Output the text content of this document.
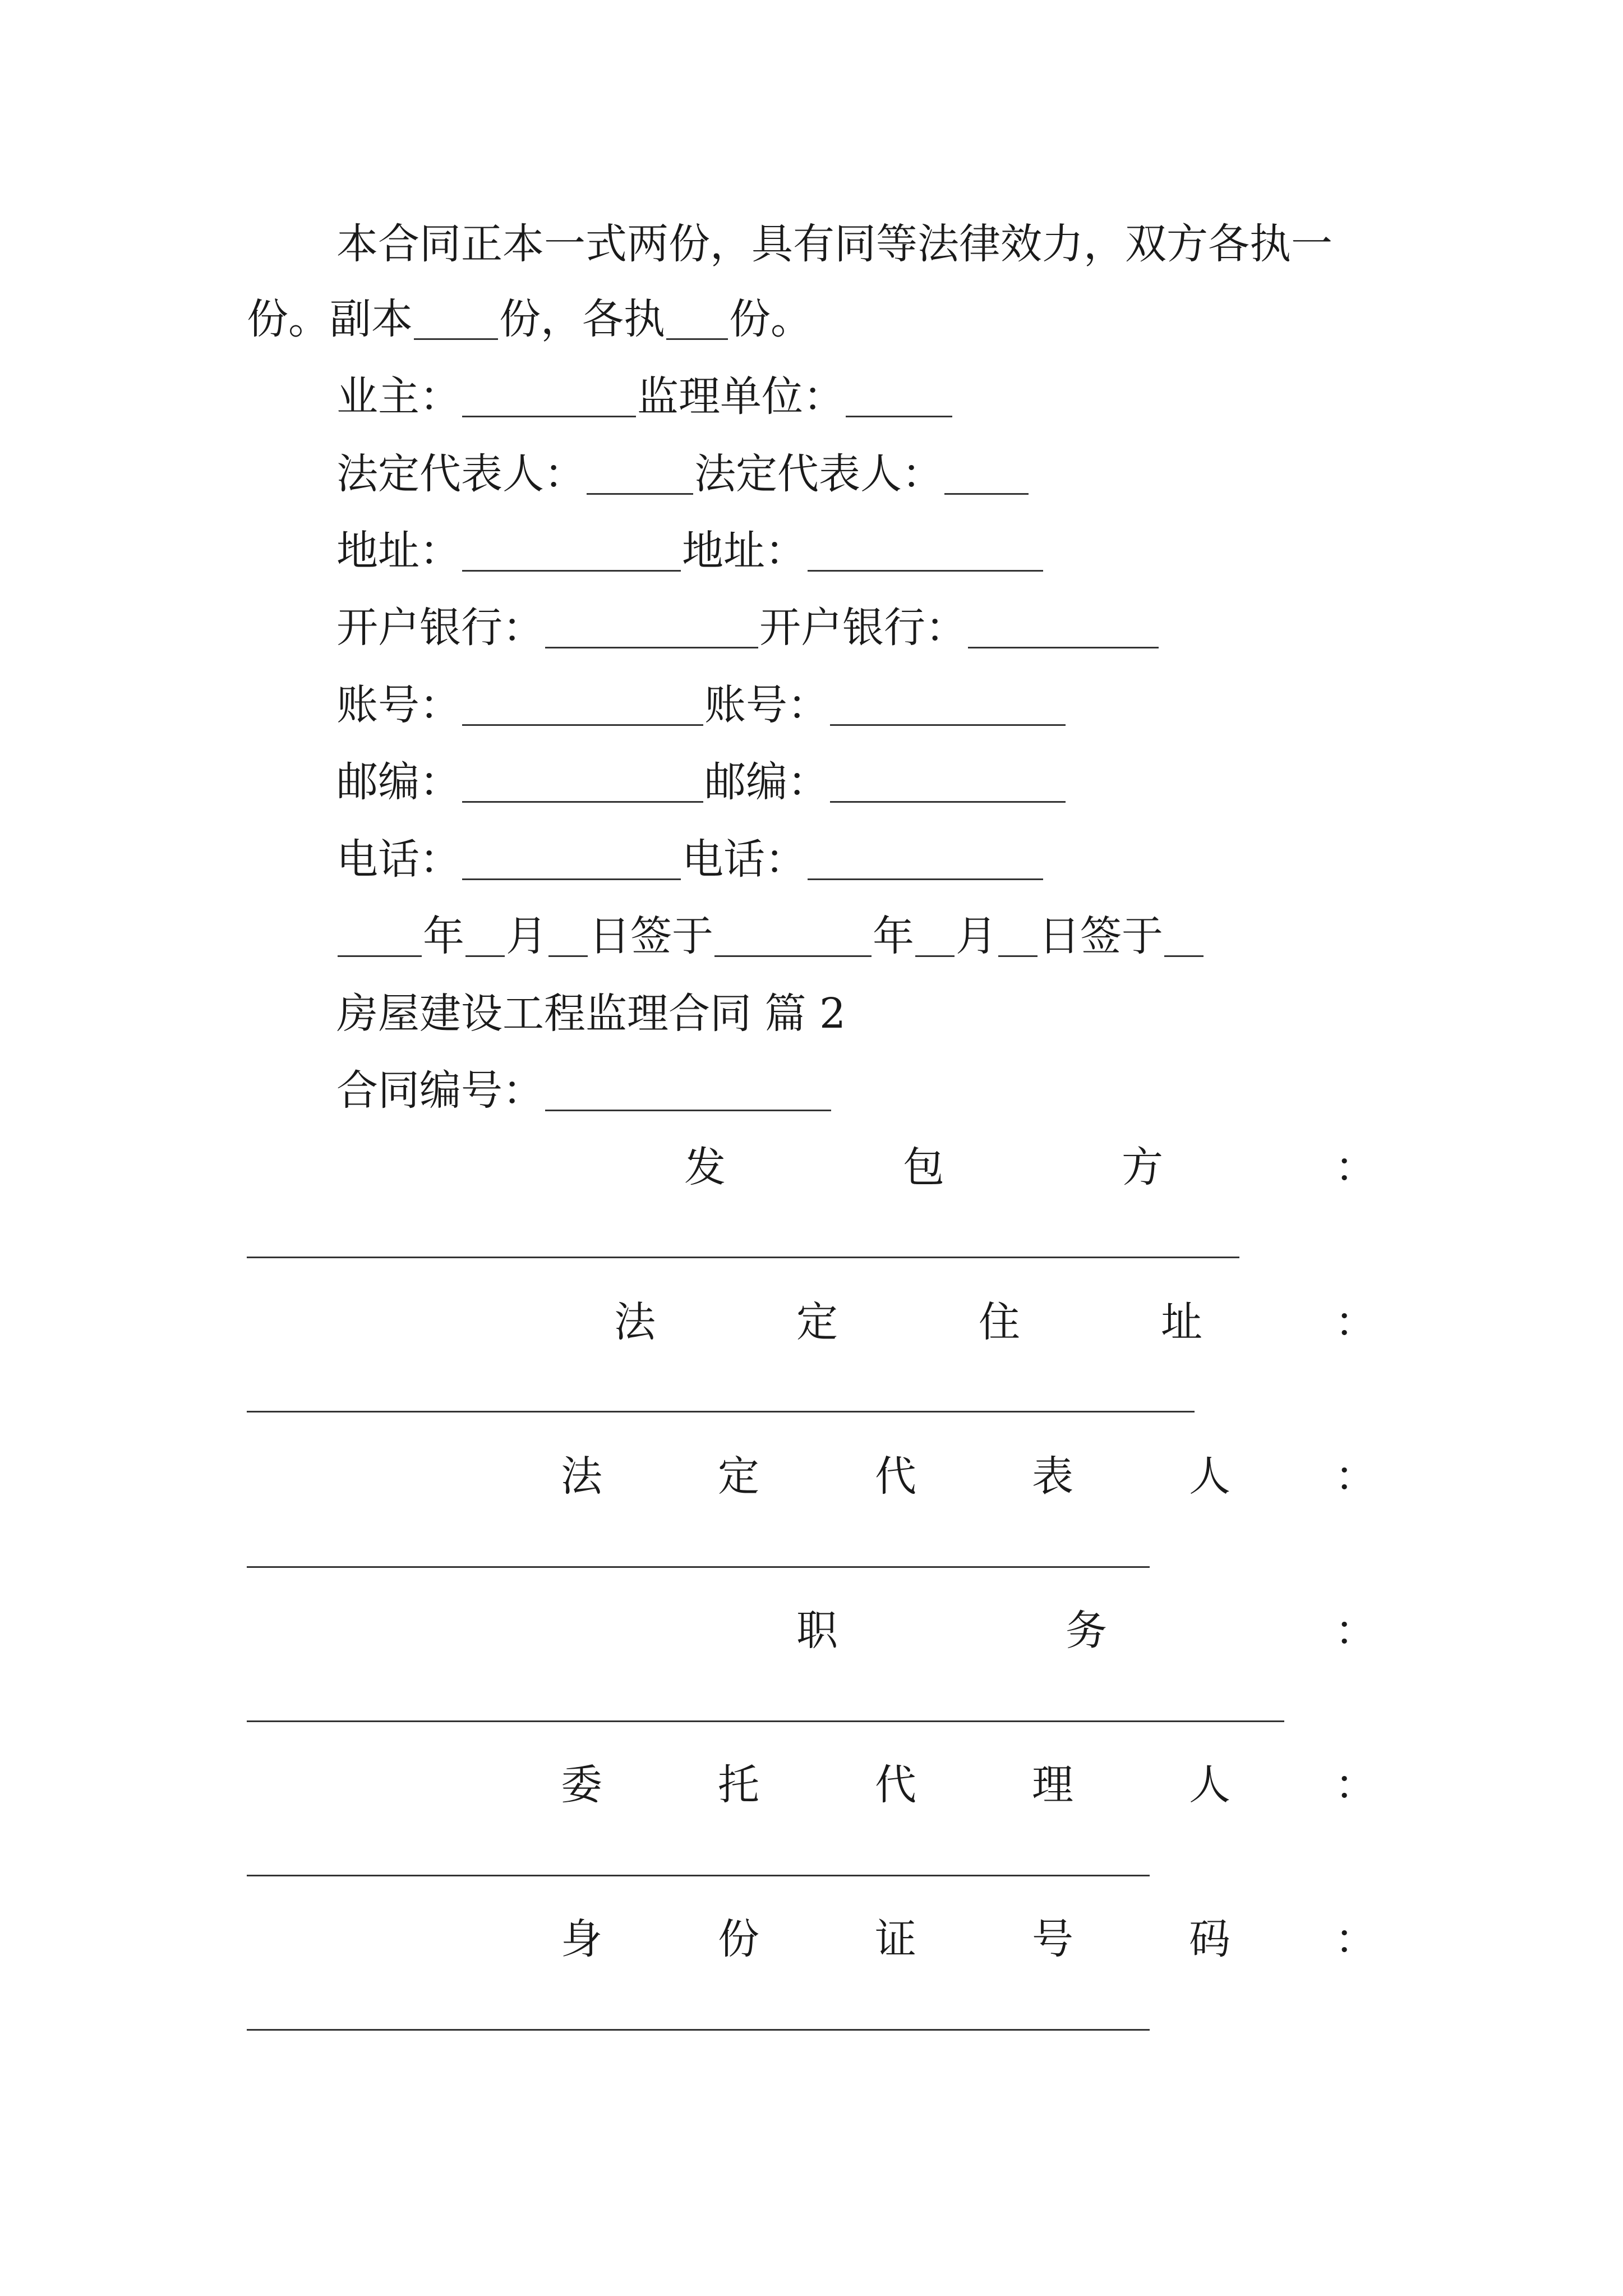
本合同正本一式两份，具有同等法律效力，双方各执一
份。副本 份，各执 份。
业主：	监理单位：
法定代表人：	法定代表人：
地址：	地址：
开户银行：	开户银行：
账号：	账号：
邮编：	邮编：
电话：	电话：
年 月 日签于	年 月 日签于
房屋建设工程监理合同 篇 2
合同编号：
发	包	方	：
法	定	住	址	：
法	定	代	表	人	：
职	务	：
委	托	代	理	人	：
身	份	证	号	码	：
